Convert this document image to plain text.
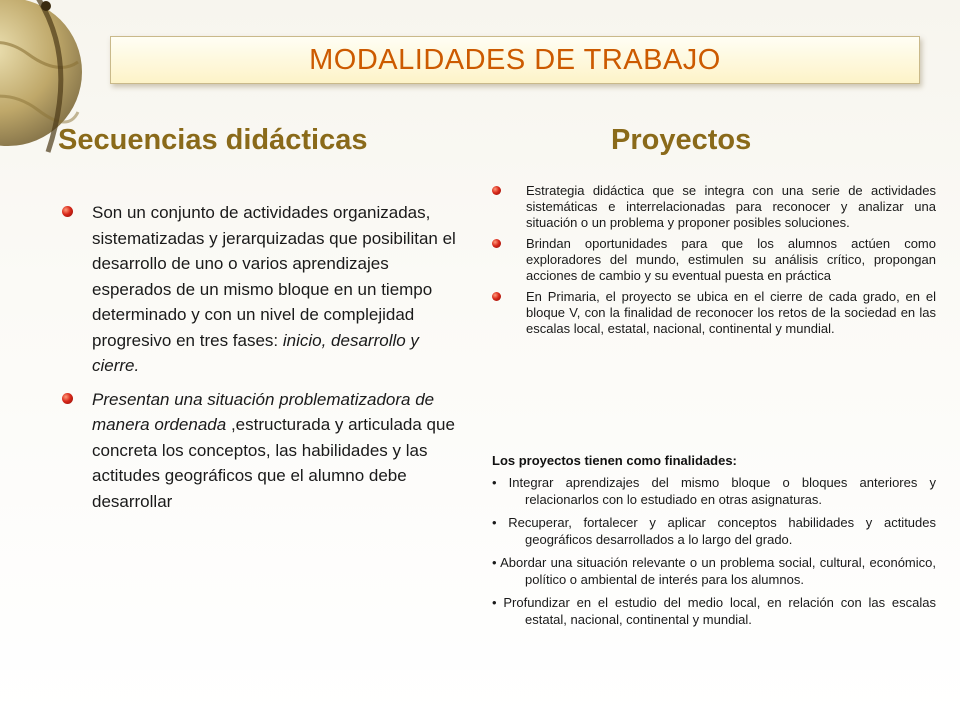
MODALIDADES DE TRABAJO
Secuencias didácticas	Proyectos
Son un conjunto de actividades organizadas, sistematizadas y jerarquizadas que posibilitan el desarrollo de uno o varios aprendizajes esperados de un mismo bloque en un tiempo determinado y con un nivel de complejidad progresivo en tres fases: inicio, desarrollo y cierre.
Presentan una situación problematizadora de manera ordenada ,estructurada y articulada que concreta los conceptos, las habilidades y las actitudes geográficos que el alumno debe desarrollar
Estrategia didáctica que se integra con una serie de actividades sistemáticas e interrelacionadas para reconocer y analizar una situación o un problema y proponer posibles soluciones.
Brindan oportunidades para que los alumnos actúen como exploradores del mundo, estimulen su análisis crítico, propongan acciones de cambio y su eventual puesta en práctica
En Primaria, el proyecto se ubica en el cierre de cada grado, en el bloque V, con la finalidad de reconocer los retos de la sociedad en las escalas local, estatal, nacional, continental y mundial.
Los proyectos tienen como finalidades:
• Integrar aprendizajes del mismo bloque o bloques anteriores y relacionarlos con lo estudiado en otras asignaturas.
• Recuperar, fortalecer y aplicar conceptos habilidades y actitudes geográficos desarrollados a lo largo del grado.
• Abordar una situación relevante o un problema social, cultural, económico, político o ambiental de interés para los alumnos.
• Profundizar en el estudio del medio local, en relación con las escalas estatal, nacional, continental y mundial.
